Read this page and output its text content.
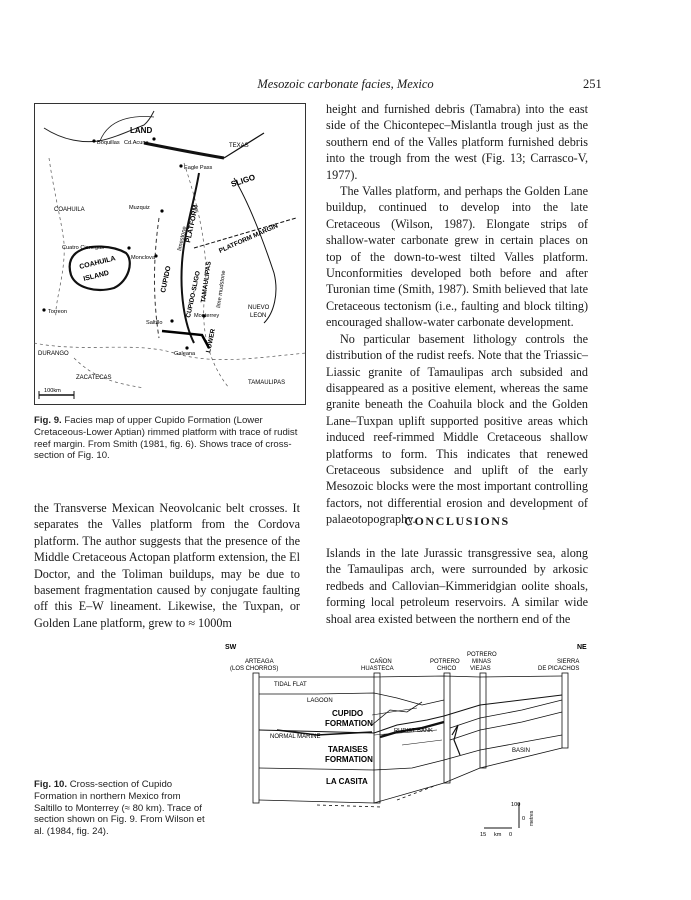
Mesozoic carbonate facies, Mexico	251
LAND
Boquillas Cd.Acuna	TEXAS
Eagle Pass
SLIGO
COAHUILA	Muzquiz	PLATFORM
limestone	PLATFORM MARGIN
Cuatro Cienegas
Monclova
COAHUILA
ISLAND	CUPIDO CUPIDO-SLIGO
TAMAULIPAS lime mudstone
Torreon
Saltillo
Monterrey
NUEVO
LEON
LOWER
Galeana
DURANGO
ZACATECAS
TAMAULIPAS
100km
Fig. 9. Facies map of upper Cupido Formation (Lower Cretaceous-Lower Aptian) rimmed platform with trace of rudist reef margin. From Smith (1981, fig. 6). Shows trace of cross-section of Fig. 10.

height and furnished debris (Tamabra) into the east side of the Chicontepec–Mislantla trough just as the southern end of the Valles platform furnished debris into the trough from the west (Fig. 13; Carrasco-V, 1977).

The Valles platform, and perhaps the Golden Lane buildup, continued to develop into the late Cretaceous (Wilson, 1987). Elongate strips of shallow-water carbonate grew in certain places on top of the down-to-west tilted Valles platform. Unconformities developed both before and after Turonian time (Smith, 1987). Smith believed that late Cretaceous tectonism (i.e., faulting and block tilting) encouraged shallow-water carbonate development.

No particular basement lithology controls the distribution of the rudist reefs. Note that the Triassic–Liassic granite of Tamaulipas arch subsided and disappeared as a positive element, whereas the same granite beneath the Coahuila block and the Golden Lane–Tuxpan uplift supported positive areas which induced reef-rimmed Middle Cretaceous shallow platforms to form. This indicates that renewed Cretaceous subsidence and uplift of the early Mesozoic blocks were the most important controlling factors, not differential erosion and development of palaeotopography.

the Transverse Mexican Neovolcanic belt crosses. It separates the Valles platform from the Cordova platform. The author suggests that the presence of the Middle Cretaceous Actopan platform extension, the El Doctor, and the Toliman buildups, may be due to basement fragmentation caused by conjugate faulting off this E–W lineament. Likewise, the Tuxpan, or Golden Lane platform, grew to ≈ 1000m

CONCLUSIONS

Islands in the late Jurassic transgressive sea, along the Tamaulipas arch, were surrounded by arkosic redbeds and Callovian–Kimmeridgian oolite shoals, forming local petroleum reservoirs. A similar wide shoal area existed between the northern end of the

SW	NE
ARTEAGA
(LOS CHORROS)
CAÑON
HUASTECA
POTRERO
CHICO
POTRERO
MINAS
VIEJAS
SIERRA
DE PICACHOS
TIDAL FLAT
LAGOON
CUPIDO
FORMATION
RUDIST BANK
NORMAL MARINE
BASIN
TARAISES
FORMATION
LA CASITA
100
0
15 km 0
metres
Fig. 10. Cross-section of Cupido Formation in northern Mexico from Saltillo to Monterrey (≈ 80 km). Trace of section shown on Fig. 9. From Wilson et al. (1984, fig. 24).
